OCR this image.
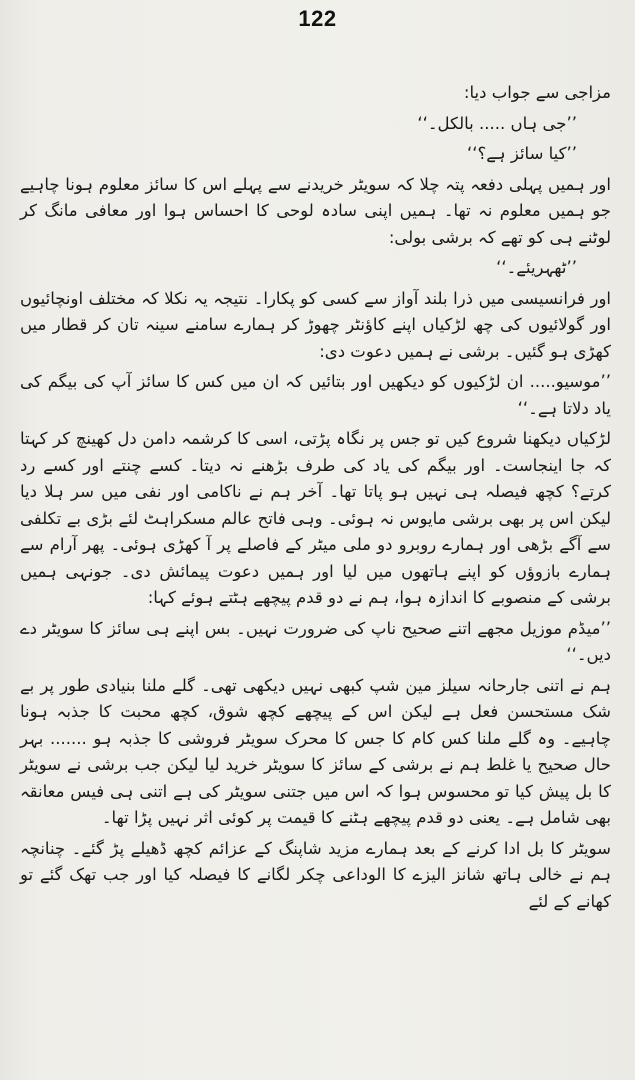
122

مزاجی سے جواب دیا:

’’جی ہاں ..... بالکل۔‘‘

’’کیا سائز ہے؟‘‘

اور ہمیں پہلی دفعہ پتہ چلا کہ سویٹر خریدنے سے پہلے اس کا سائز معلوم ہونا چاہیے جو ہمیں معلوم نہ تھا۔ ہمیں اپنی سادہ لوحی کا احساس ہوا اور معافی مانگ کر لوٹنے ہی کو تھے کہ برشی بولی:

’’ٹھہریئے۔‘‘

اور فرانسیسی میں ذرا بلند آواز سے کسی کو پکارا۔ نتیجہ یہ نکلا کہ مختلف اونچائیوں اور گولائیوں کی چھ لڑکیاں اپنے کاؤنٹر چھوڑ کر ہمارے سامنے سینہ تان کر قطار میں کھڑی ہو گئیں۔ برشی نے ہمیں دعوت دی:

’’موسیو..... ان لڑکیوں کو دیکھیں اور بتائیں کہ ان میں کس کا سائز آپ کی بیگم کی یاد دلاتا ہے۔‘‘

لڑکیاں دیکھنا شروع کیں تو جس پر نگاہ پڑتی، اسی کا کرشمہ دامن دل کھینچ کر کہتا کہ جا اینجاست۔ اور بیگم کی یاد کی طرف بڑھنے نہ دیتا۔ کسے چنتے اور کسے رد کرتے؟ کچھ فیصلہ ہی نہیں ہو پاتا تھا۔ آخر ہم نے ناکامی اور نفی میں سر ہلا دیا لیکن اس پر بھی برشی مایوس نہ ہوئی۔ وہی فاتح عالم مسکراہٹ لئے بڑی بے تکلفی سے آگے بڑھی اور ہمارے روبرو دو ملی میٹر کے فاصلے پر آ کھڑی ہوئی۔ پھر آرام سے ہمارے بازوؤں کو اپنے ہاتھوں میں لیا اور ہمیں دعوت پیمائش دی۔ جونہی ہمیں برشی کے منصوبے کا اندازہ ہوا، ہم نے دو قدم پیچھے ہٹتے ہوئے کہا:

’’میڈم موزیل مجھے اتنے صحیح ناپ کی ضرورت نہیں۔ بس اپنے ہی سائز کا سویٹر دے دیں۔‘‘

ہم نے اتنی جارحانہ سیلز مین شپ کبھی نہیں دیکھی تھی۔ گلے ملنا بنیادی طور پر بے شک مستحسن فعل ہے لیکن اس کے پیچھے کچھ شوق، کچھ محبت کا جذبہ ہونا چاہیے۔ وہ گلے ملنا کس کام کا جس کا محرک سویٹر فروشی کا جذبہ ہو ....... بہر حال صحیح یا غلط ہم نے برشی کے سائز کا سویٹر خرید لیا لیکن جب برشی نے سویٹر کا بل پیش کیا تو محسوس ہوا کہ اس میں جتنی سویٹر کی ہے اتنی ہی فیس معانقہ بھی شامل ہے۔ یعنی دو قدم پیچھے ہٹنے کا قیمت پر کوئی اثر نہیں پڑا تھا۔

سویٹر کا بل ادا کرنے کے بعد ہمارے مزید شاپنگ کے عزائم کچھ ڈھیلے پڑ گئے۔ چنانچہ ہم نے خالی ہاتھ شانز الیزے کا الوداعی چکر لگانے کا فیصلہ کیا اور جب تھک گئے تو کھانے کے لئے
